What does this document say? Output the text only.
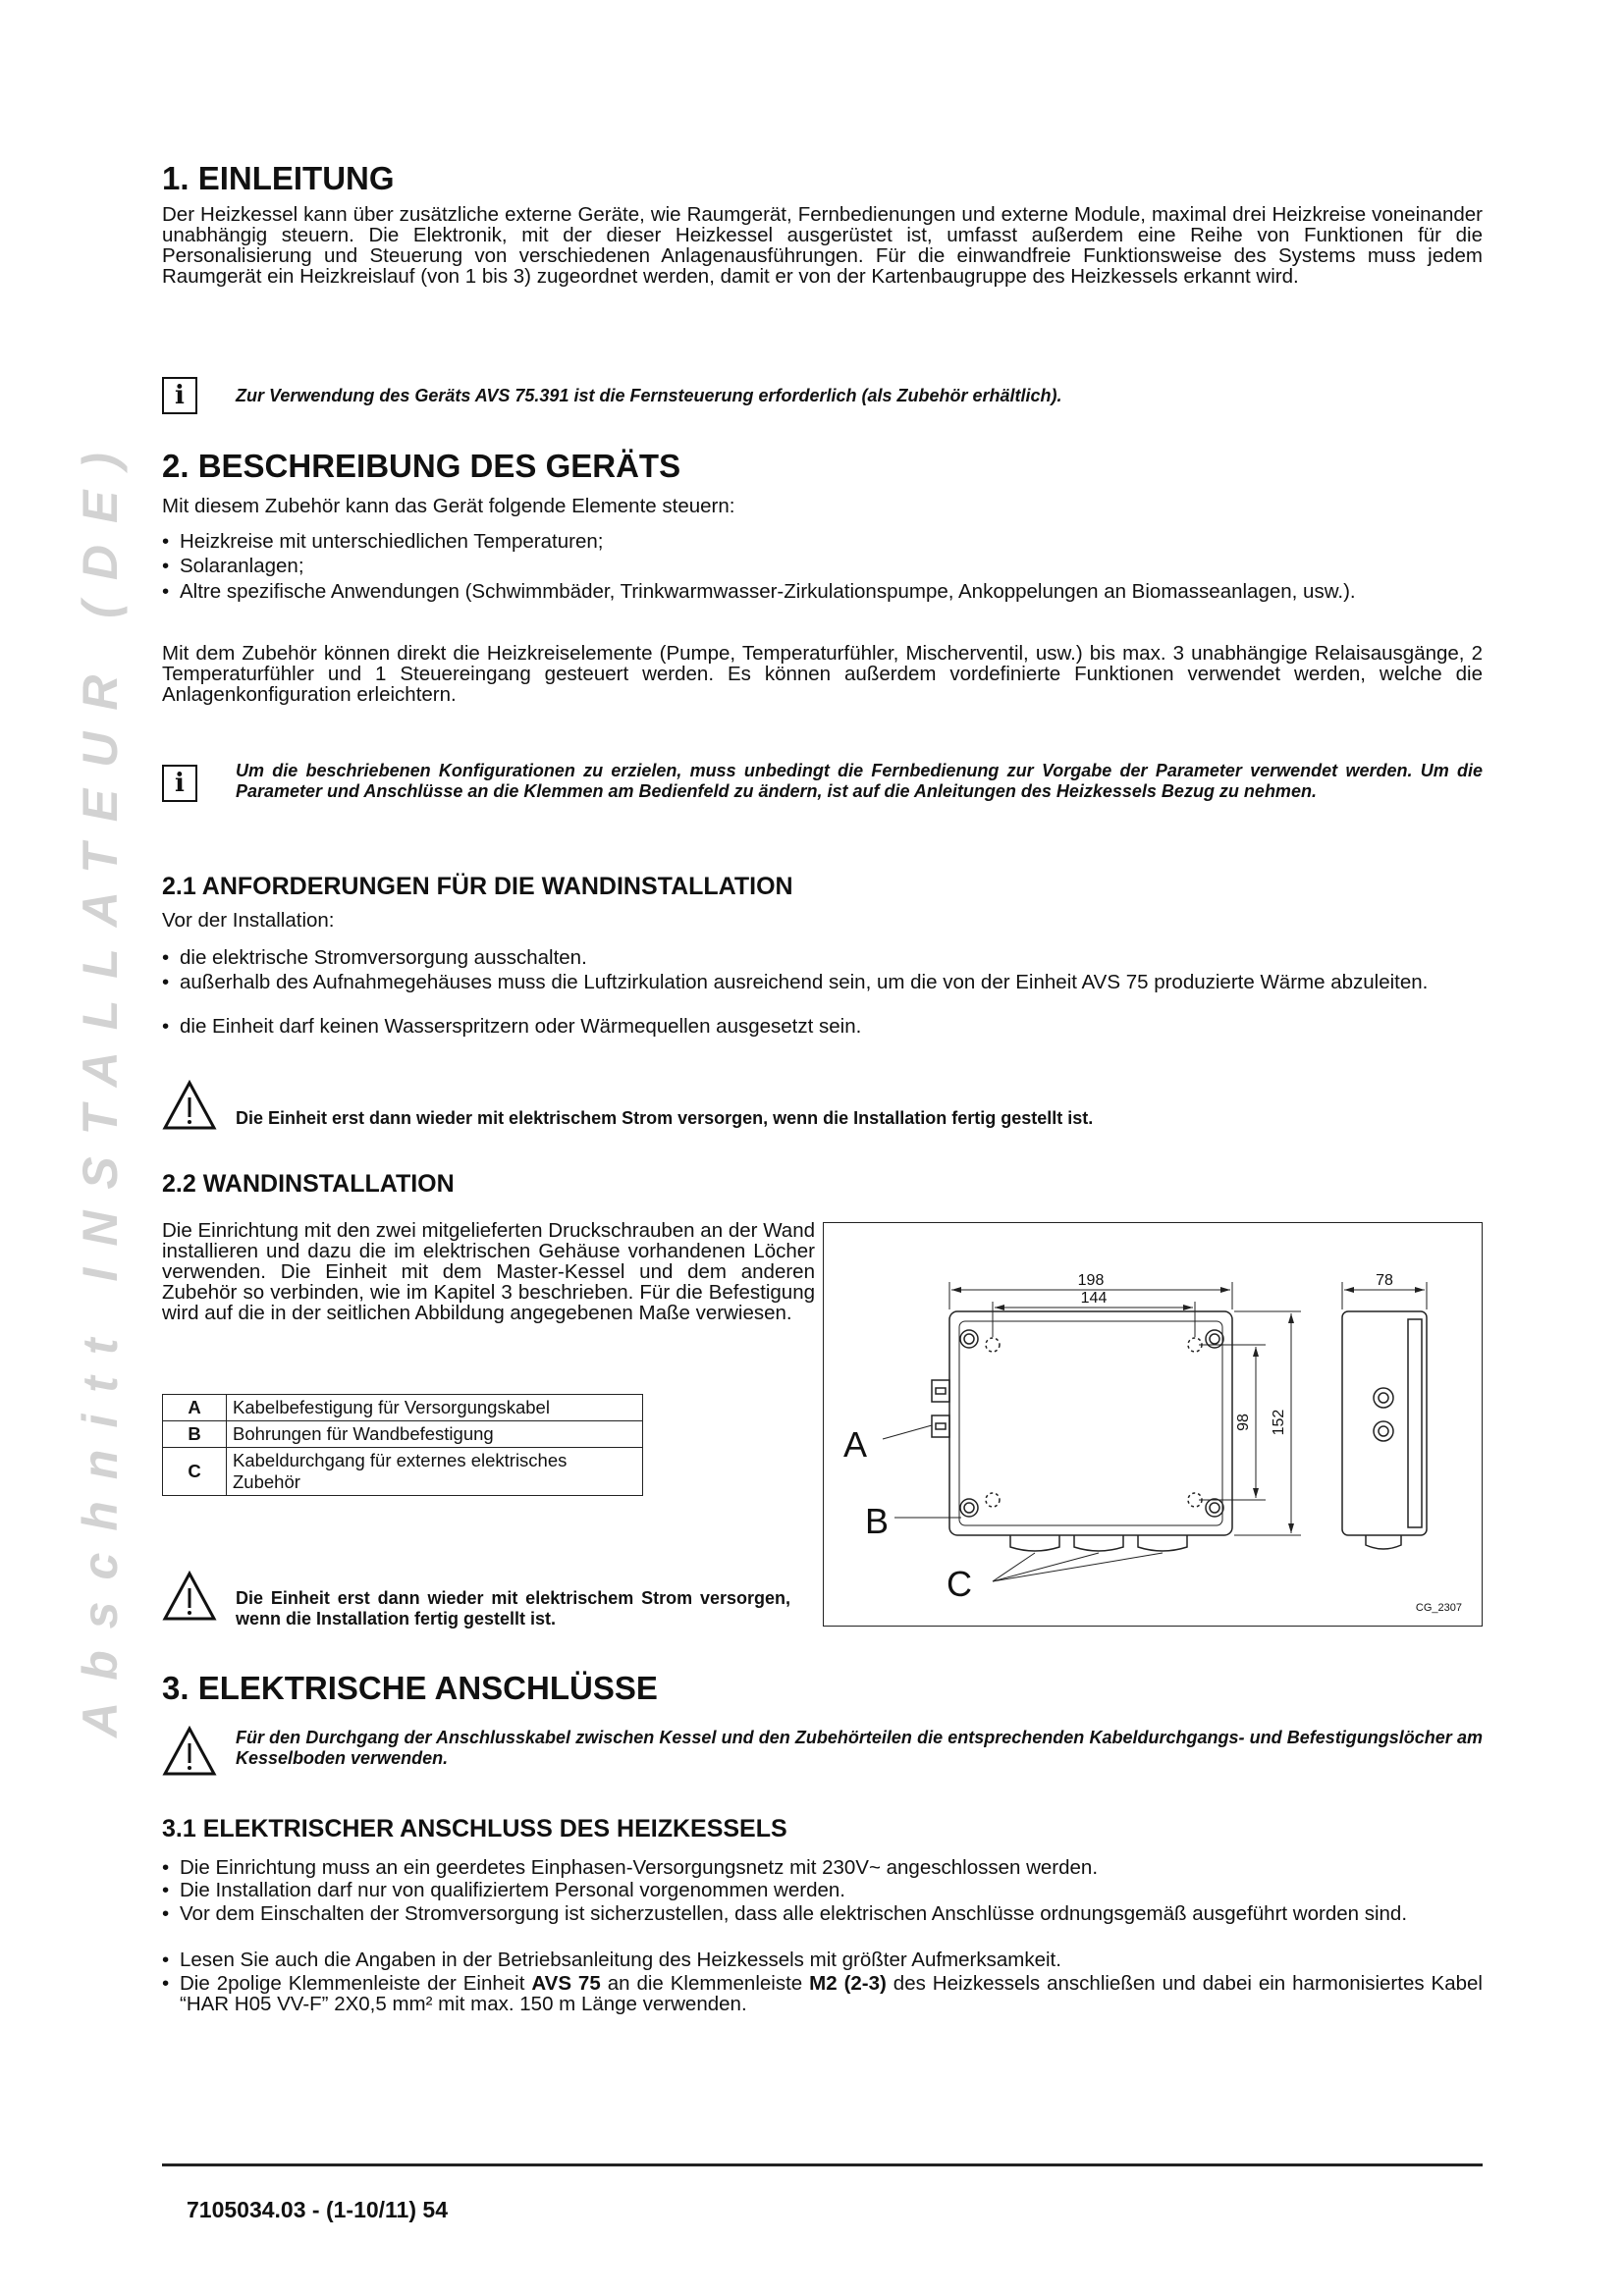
Abschnitt INSTALLATEUR (DE)
1. EINLEITUNG
Der Heizkessel kann über zusätzliche externe Geräte, wie Raumgerät, Fernbedienungen und externe Module, maximal drei Heizkreise voneinander unabhängig steuern. Die Elektronik, mit der dieser Heizkessel ausgerüstet ist, umfasst außerdem eine Reihe von Funktionen für die Personalisierung und Steuerung von verschiedenen Anlagenausführungen. Für die einwandfreie Funktionsweise des Systems muss jedem Raumgerät ein Heizkreislauf (von 1 bis 3) zugeordnet werden, damit er von der Kartenbaugruppe des Heizkessels erkannt wird.
i	Zur Verwendung des Geräts AVS 75.391 ist die Fernsteuerung erforderlich (als Zubehör erhältlich).
2. BESCHREIBUNG DES GERÄTS
Mit diesem Zubehör kann das Gerät folgende Elemente steuern:
• Heizkreise mit unterschiedlichen Temperaturen;
• Solaranlagen;
• Altre spezifische Anwendungen (Schwimmbäder, Trinkwarmwasser-Zirkulationspumpe, Ankoppelungen an Biomasseanlagen, usw.).
Mit dem Zubehör können direkt die Heizkreiselemente (Pumpe, Temperaturfühler, Mischerventil, usw.) bis max. 3 unabhängige Relaisausgänge, 2 Temperaturfühler und 1 Steuereingang gesteuert werden. Es können außerdem vordefinierte Funktionen verwendet werden, welche die Anlagenkonfiguration erleichtern.
i	Um die beschriebenen Konfigurationen zu erzielen, muss unbedingt die Fernbedienung zur Vorgabe der Parameter verwendet werden. Um die Parameter und Anschlüsse an die Klemmen am Bedienfeld zu ändern, ist auf die Anleitungen des Heizkessels Bezug zu nehmen.
2.1 ANFORDERUNGEN FÜR DIE WANDINSTALLATION
Vor der Installation:
• die elektrische Stromversorgung ausschalten.
• außerhalb des Aufnahmegehäuses muss die Luftzirkulation ausreichend sein, um die von der Einheit AVS 75 produzierte Wärme abzuleiten.
• die Einheit darf keinen Wasserspritzern oder Wärmequellen ausgesetzt sein.
Die Einheit erst dann wieder mit elektrischem Strom versorgen, wenn die Installation fertig gestellt ist.
2.2 WANDINSTALLATION
Die Einrichtung mit den zwei mitgelieferten Druckschrauben an der Wand installieren und dazu die im elektrischen Gehäuse vorhandenen Löcher verwenden. Die Einheit mit dem Master-Kessel und dem anderen Zubehör so verbinden, wie im Kapitel 3 beschrieben. Für die Befestigung wird auf die in der seitlichen Abbildung angegebenen Maße verwiesen.
A	Kabelbefestigung für Versorgungskabel
B	Bohrungen für Wandbefestigung
C	Kabeldurchgang für externes elektrisches Zubehör
Die Einheit erst dann wieder mit elektrischem Strom versorgen, wenn die Installation fertig gestellt ist.
198
144
78
98 152
A
B
C
CG_2307
3. ELEKTRISCHE ANSCHLÜSSE
Für den Durchgang der Anschlusskabel zwischen Kessel und den Zubehörteilen die entsprechenden Kabeldurchgangs- und Befestigungslöcher am Kesselboden verwenden.
3.1 ELEKTRISCHER ANSCHLUSS DES HEIZKESSELS
• Die Einrichtung muss an ein geerdetes Einphasen-Versorgungsnetz mit 230V~ angeschlossen werden.
• Die Installation darf nur von qualifiziertem Personal vorgenommen werden.
• Vor dem Einschalten der Stromversorgung ist sicherzustellen, dass alle elektrischen Anschlüsse ordnungsgemäß ausgeführt worden sind.
• Lesen Sie auch die Angaben in der Betriebsanleitung des Heizkessels mit größter Aufmerksamkeit.
• Die 2polige Klemmenleiste der Einheit AVS 75 an die Klemmenleiste M2 (2-3) des Heizkessels anschließen und dabei ein harmonisiertes Kabel “HAR H05 VV-F” 2X0,5 mm² mit max. 150 m Länge verwenden.
7105034.03 - (1-10/11) 54
